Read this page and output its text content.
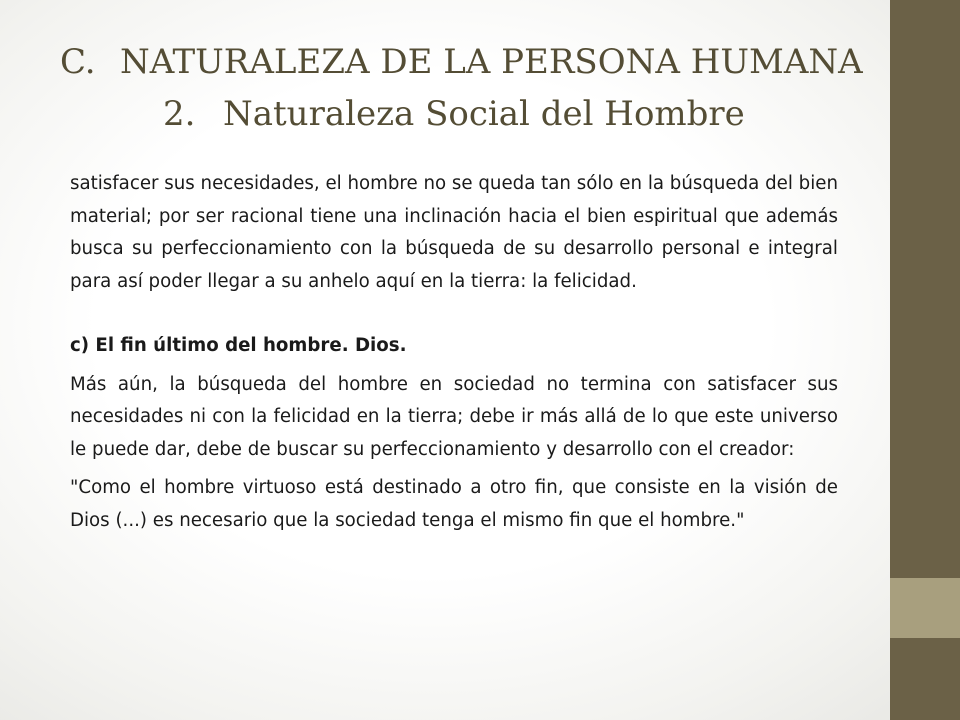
C. NATURALEZA DE LA PERSONA HUMANA
2. Naturaleza Social del Hombre

satisfacer sus necesidades, el hombre no se queda tan sólo en la búsqueda del bien material; por ser racional tiene una inclinación hacia el bien espiritual que además busca su perfeccionamiento con la búsqueda de su desarrollo personal e integral para así poder llegar a su anhelo aquí en la tierra: la felicidad.

c) El fin último del hombre. Dios.

Más aún, la búsqueda del hombre en sociedad no termina con satisfacer sus necesidades ni con la felicidad en la tierra; debe ir más allá de lo que este universo le puede dar, debe de buscar su perfeccionamiento y desarrollo con el creador:

"Como el hombre virtuoso está destinado a otro fin, que consiste en la visión de Dios (...) es necesario que la sociedad tenga el mismo fin que el hombre."
